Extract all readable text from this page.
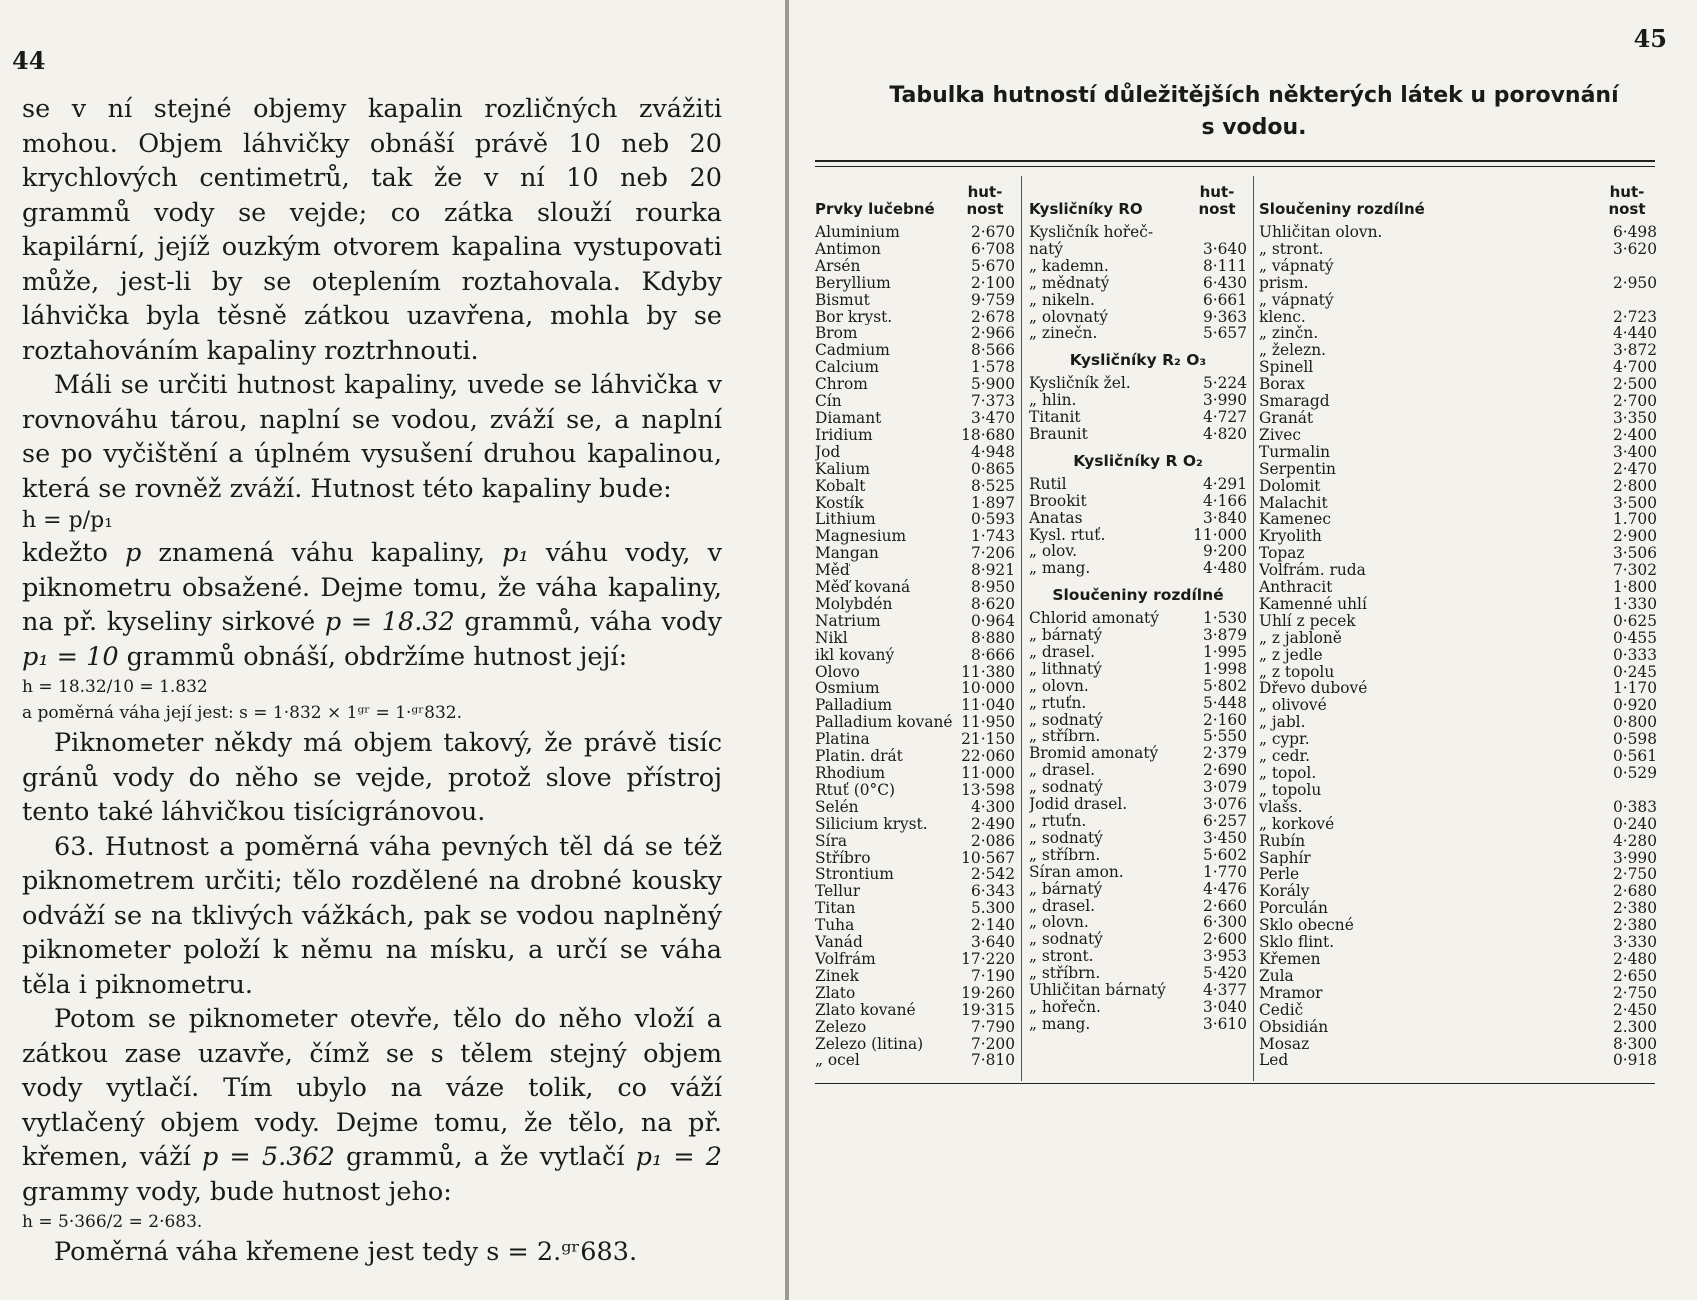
44

se v ní stejné objemy kapalin rozličných zvážiti mohou. Objem láhvičky obnáší právě 10 neb 20 krychlových centimetrů, tak že v ní 10 neb 20 grammů vody se vejde; co zátka slouží rourka kapilární, jejíž ouzkým otvorem kapalina vystupovati může, jest-li by se oteplením roztahovala. Kdyby láhvička byla těsně zátkou uzavřena, mohla by se roztahováním kapaliny roztrhnouti.

Máli se určiti hutnost kapaliny, uvede se láhvička v rovnováhu tárou, naplní se vodou, zváží se, a naplní se po vyčištění a úplném vysušení druhou kapalinou, která se rovněž zváží. Hutnost této kapaliny bude:

h = p/p₁

kdežto p znamená váhu kapaliny, p₁ váhu vody, v piknometru obsažené. Dejme tomu, že váha kapaliny, na př. kyseliny sirkové p = 18.32 grammů, váha vody p₁ = 10 grammů obnáší, obdržíme hutnost její:

h = 18.32/10 = 1.832

a poměrná váha její jest: s = 1·832 × 1ᵍʳ = 1·ᵍʳ832.

Piknometer někdy má objem takový, že právě tisíc gránů vody do něho se vejde, protož slove přístroj tento také láhvičkou tisícigránovou.

63. Hutnost a poměrná váha pevných těl dá se též piknometrem určiti; tělo rozdělené na drobné kousky odváží se na tklivých vážkách, pak se vodou naplněný piknometer položí k němu na mísku, a určí se váha těla i piknometru.

Potom se piknometer otevře, tělo do něho vloží a zátkou zase uzavře, čímž se s tělem stejný objem vody vytlačí. Tím ubylo na váze tolik, co váží vytlačený objem vody. Dejme tomu, že tělo, na př. křemen, váží p = 5.362 grammů, a že vytlačí p₁ = 2 grammy vody, bude hutnost jeho:

h = 5·366/2 = 2·683.

Poměrná váha křemene jest tedy s = 2.ᵍʳ683.

45
Tabulka hutností důležitějších některých látek u porovnání
s vodou.
Prvky lučebné
hut-nost
Aluminium	2·670
Antimon	6·708
Arsén	5·670
Beryllium	2·100
Bismut	9·759
Bor kryst.	2·678
Brom	2·966
Cadmium	8·566
Calcium	1·578
Chrom	5·900
Cín	7·373
Diamant	3·470
Iridium	18·680
Jod	4·948
Kalium	0·865
Kobalt	8·525
Kostík	1·897
Lithium	0·593
Magnesium	1·743
Mangan	7·206
Měď	8·921
Měď kovaná	8·950
Molybdén	8·620
Natrium	0·964
Nikl	8·880
ikl kovaný	8·666
Olovo	11·380
Osmium	10·000
Palladium	11·040
Palladium kované 11·950
Platina	21·150
Platin. drát	22·060
Rhodium	11·000
Rtuť (0°C)	13·598
Selén	4·300
Silicium kryst.	2·490
Síra	2·086
Stříbro	10·567
Strontium	2·542
Tellur	6·343
Titan	5.300
Tuha	2·140
Vanád	3·640
Volfrám	17·220
Zinek	7·190
Zlato	19·260
Zlato kované	19·315
Železo	7·790
Železo (litina)	7·200
„ ocel	7·810
Kysličníky RO
hut-nost
Kysličník hořeč-
natý	3·640
„ kademn.	8·111
„ mědnatý	6·430
„ nikeln.	6·661
„ olovnatý	9·363
„ zinečn.	5·657
Kysličníky R₂ O₃
Kysličník žel.	5·224
„ hlin.	3·990
Titanit	4·727
Braunit	4·820
Kysličníky R O₂
Rutil	4·291
Brookit	4·166
Anatas	3·840
Kysl. rtuť.	11·000
„ olov.	9·200
„ mang.	4·480
Sloučeniny rozdílné
Chlorid amonatý	1·530
„ bárnatý	3·879
„ drasel.	1·995
„ lithnatý	1·998
„ olovn.	5·802
„ rtuťn.	5·448
„ sodnatý	2·160
„ stříbrn.	5·550
Bromid amonatý	2·379
„ drasel.	2·690
„ sodnatý	3·079
Jodid drasel.	3·076
„ rtuťn.	6·257
„ sodnatý	3·450
„ stříbrn.	5·602
Síran amon.	1·770
„ bárnatý	4·476
„ drasel.	2·660
„ olovn.	6·300
„ sodnatý	2·600
„ stront.	3·953
„ stříbrn.	5·420
Uhličitan bárnatý 4·377
„ hořečn.	3·040
„ mang.	3·610
Sloučeniny rozdílné
hut-nost
Uhličitan olovn.	6·498
„ stront.	3·620
„ vápnatý
prism.	2·950
„ vápnatý
klenc.	2·723
„ zinčn.	4·440
„ železn.	3·872
Spinell	4·700
Borax	2·500
Smaragd	2·700
Granát	3·350
Živec	2·400
Turmalin	3·400
Serpentin	2·470
Dolomit	2·800
Malachit	3·500
Kamenec	1.700
Kryolith	2·900
Topaz	3·506
Volfrám. ruda	7·302
Anthracit	1·800
Kamenné uhlí	1·330
Uhlí z pecek	0·625
„ z jabloně	0·455
„ z jedle	0·333
„ z topolu	0·245
Dřevo dubové	1·170
„ olivové	0·920
„ jabl.	0·800
„ cypr.	0·598
„ cedr.	0·561
„ topol.	0·529
„ topolu
vlašs.	0·383
„ korkové	0·240
Rubín	4·280
Saphír	3·990
Perle	2·750
Korály	2·680
Porculán	2·380
Sklo obecné	2·380
Sklo flint.	3·330
Křemen	2·480
Žula	2·650
Mramor	2·750
Čedič	2·450
Obsidián	2.300
Mosaz	8·300
Led	0·918
